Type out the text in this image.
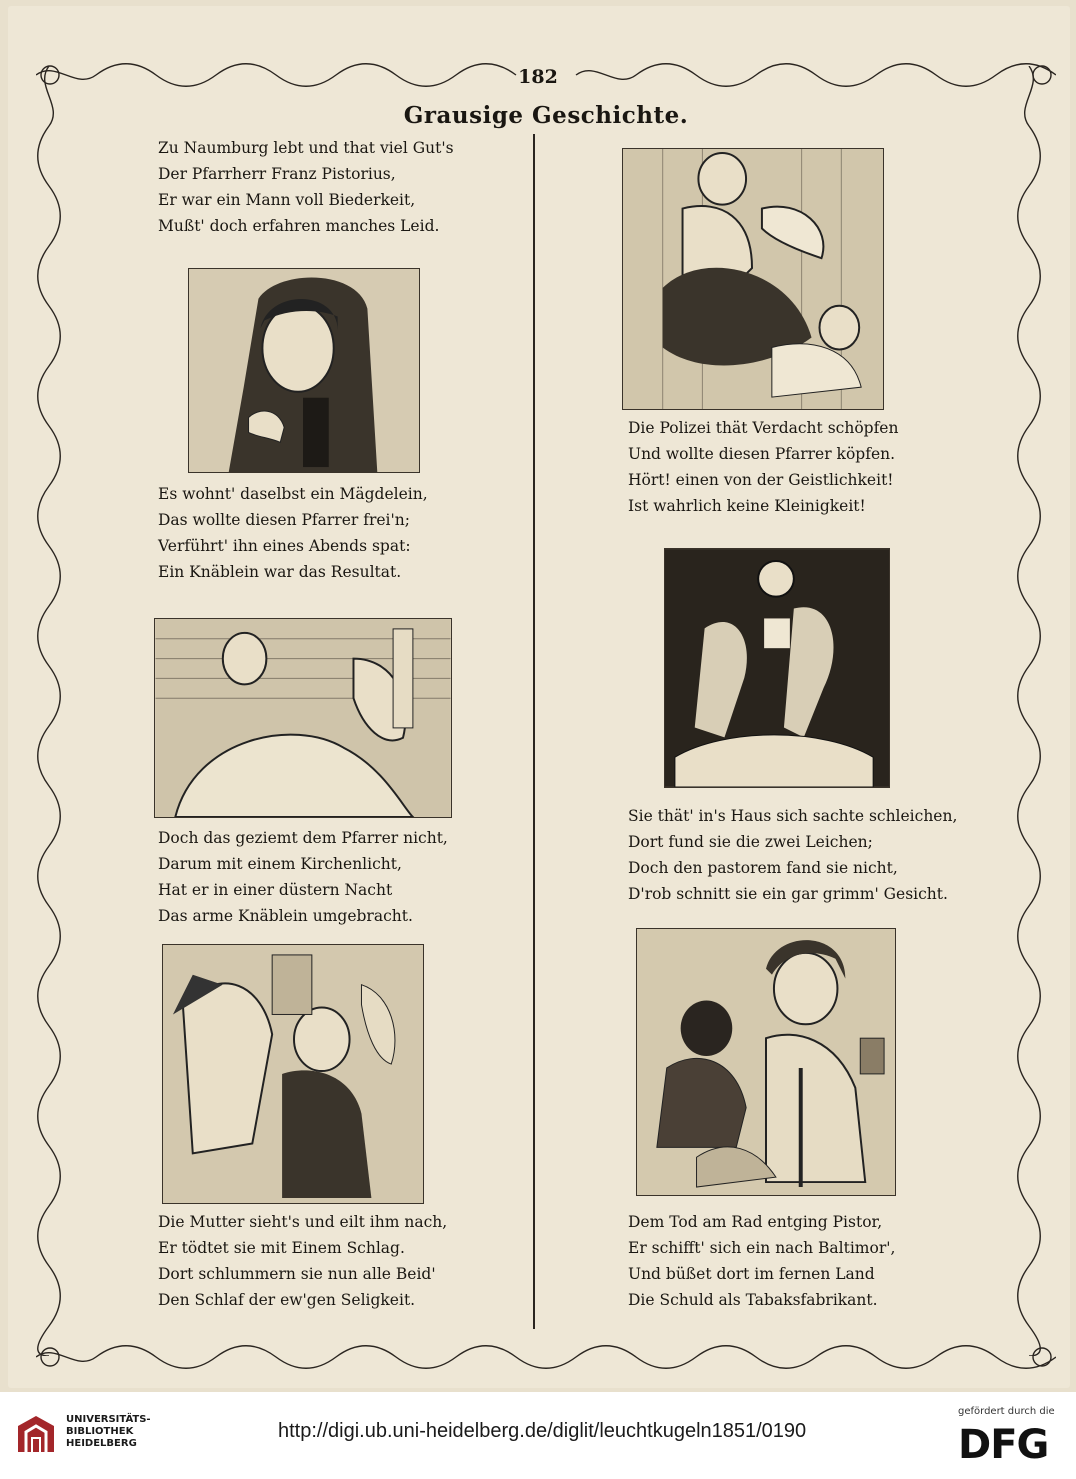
182
Grausige Geschichte.
Zu Naumburg lebt und that viel Gut's
Der Pfarrherr Franz Pistorius,
Er war ein Mann voll Biederkeit,
Mußt' doch erfahren manches Leid.
Es wohnt' daselbst ein Mägdelein,
Das wollte diesen Pfarrer frei'n;
Verführt' ihn eines Abends spat:
Ein Knäblein war das Resultat.
Doch das geziemt dem Pfarrer nicht,
Darum mit einem Kirchenlicht,
Hat er in einer düstern Nacht
Das arme Knäblein umgebracht.
Die Mutter sieht's und eilt ihm nach,
Er tödtet sie mit Einem Schlag.
Dort schlummern sie nun alle Beid'
Den Schlaf der ew'gen Seligkeit.
Die Polizei thät Verdacht schöpfen
Und wollte diesen Pfarrer köpfen.
Hört! einen von der Geistlichkeit!
Ist wahrlich keine Kleinigkeit!
Sie thät' in's Haus sich sachte schleichen,
Dort fund sie die zwei Leichen;
Doch den pastorem fand sie nicht,
D'rob schnitt sie ein gar grimm' Gesicht.
Dem Tod am Rad entging Pistor,
Er schifft' sich ein nach Baltimor',
Und büßet dort im fernen Land
Die Schuld als Tabaksfabrikant.
UNIVERSITÄTS-
BIBLIOTHEK
HEIDELBERG
http://digi.ub.uni-heidelberg.de/diglit/leuchtkugeln1851/0190
gefördert durch die
DFG
